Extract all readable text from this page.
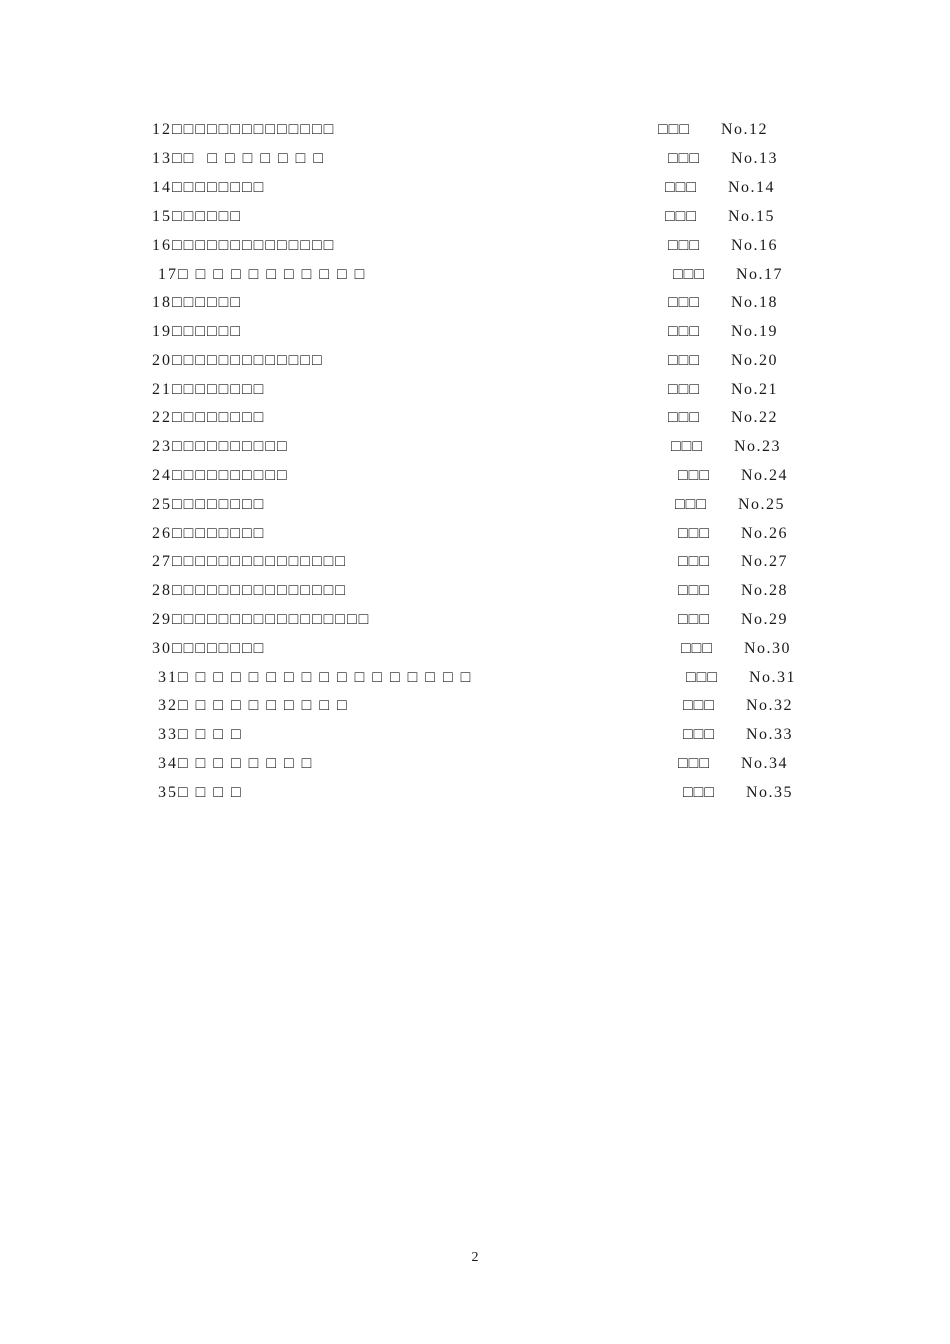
12□□□□□□□□□□□□□□	□□□ No.12
13□□  □ □ □ □ □ □ □	□□□ No.13
14□□□□□□□□	□□□ No.14
15□□□□□□	□□□ No.15
16□□□□□□□□□□□□□□	□□□ No.16
17□ □ □ □ □ □ □ □ □ □ □	□□□ No.17
18□□□□□□	□□□ No.18
19□□□□□□	□□□ No.19
20□□□□□□□□□□□□□	□□□ No.20
21□□□□□□□□	□□□ No.21
22□□□□□□□□	□□□ No.22
23□□□□□□□□□□	□□□ No.23
24□□□□□□□□□□	□□□ No.24
25□□□□□□□□	□□□ No.25
26□□□□□□□□	□□□ No.26
27□□□□□□□□□□□□□□□	□□□ No.27
28□□□□□□□□□□□□□□□	□□□ No.28
29□□□□□□□□□□□□□□□□□	□□□ No.29
30□□□□□□□□	□□□ No.30
31□ □ □ □ □ □ □ □ □ □ □ □ □ □ □ □ □	□□□ No.31
32□ □ □ □ □ □ □ □ □ □	□□□ No.32
33□ □ □ □	□□□ No.33
34□ □ □ □ □ □ □ □	□□□ No.34
35□ □ □ □	□□□ No.35
2
